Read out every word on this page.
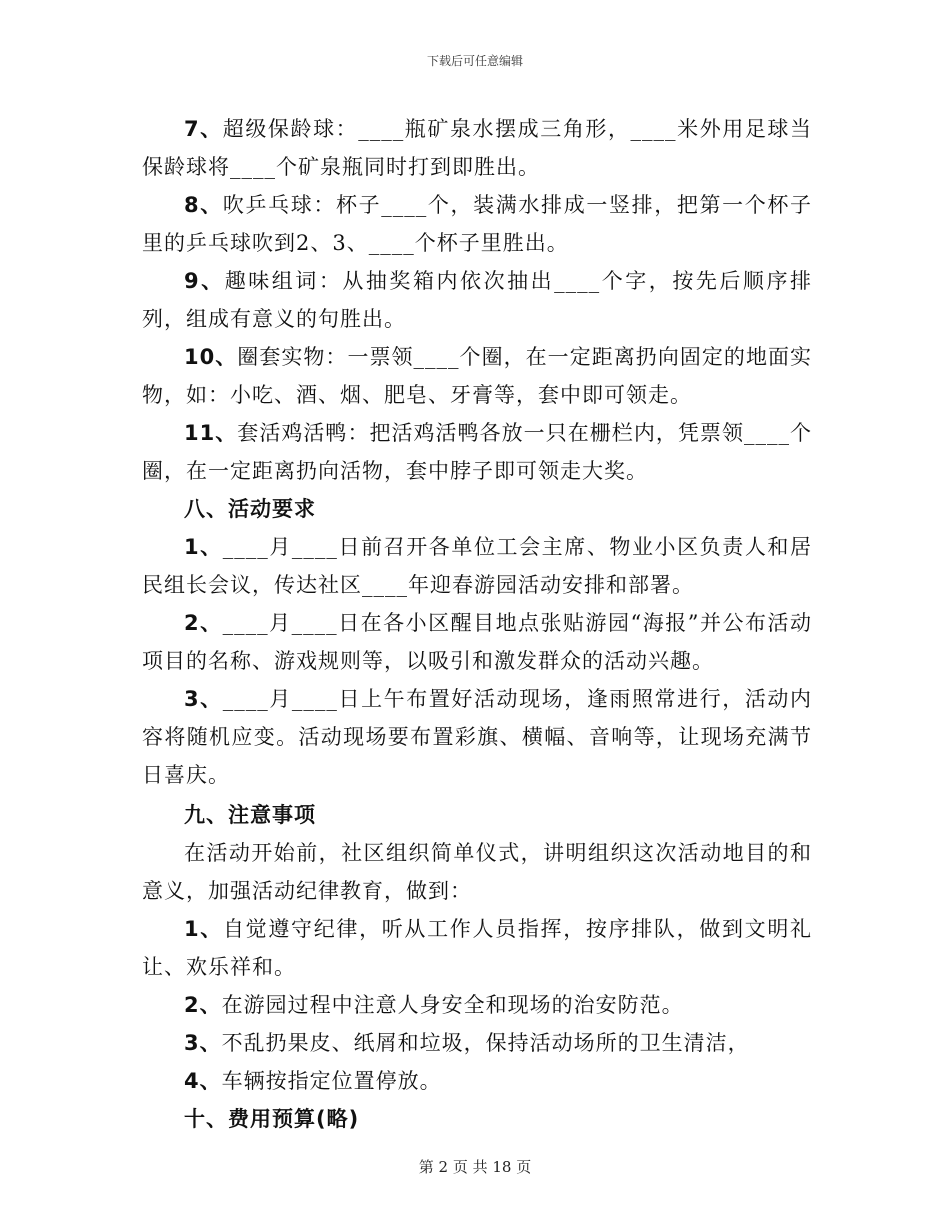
下载后可任意编辑

7、超级保龄球：____瓶矿泉水摆成三角形，____米外用足球当保龄球将____个矿泉瓶同时打到即胜出。

8、吹乒乓球：杯子____个，装满水排成一竖排，把第一个杯子里的乒乓球吹到2、3、____个杯子里胜出。

9、趣味组词：从抽奖箱内依次抽出____个字，按先后顺序排列，组成有意义的句胜出。

10、圈套实物：一票领____个圈，在一定距离扔向固定的地面实物，如：小吃、酒、烟、肥皂、牙膏等，套中即可领走。

11、套活鸡活鸭：把活鸡活鸭各放一只在栅栏内，凭票领____个圈，在一定距离扔向活物，套中脖子即可领走大奖。

八、活动要求

1、____月____日前召开各单位工会主席、物业小区负责人和居民组长会议，传达社区____年迎春游园活动安排和部署。

2、____月____日在各小区醒目地点张贴游园“海报”并公布活动项目的名称、游戏规则等，以吸引和激发群众的活动兴趣。

3、____月____日上午布置好活动现场，逢雨照常进行，活动内容将随机应变。活动现场要布置彩旗、横幅、音响等，让现场充满节日喜庆。

九、注意事项

在活动开始前，社区组织简单仪式，讲明组织这次活动地目的和意义，加强活动纪律教育，做到：

1、自觉遵守纪律，听从工作人员指挥，按序排队，做到文明礼让、欢乐祥和。

2、在游园过程中注意人身安全和现场的治安防范。

3、不乱扔果皮、纸屑和垃圾，保持活动场所的卫生清洁，

4、车辆按指定位置停放。

十、费用预算(略)

第 2 页 共 18 页
